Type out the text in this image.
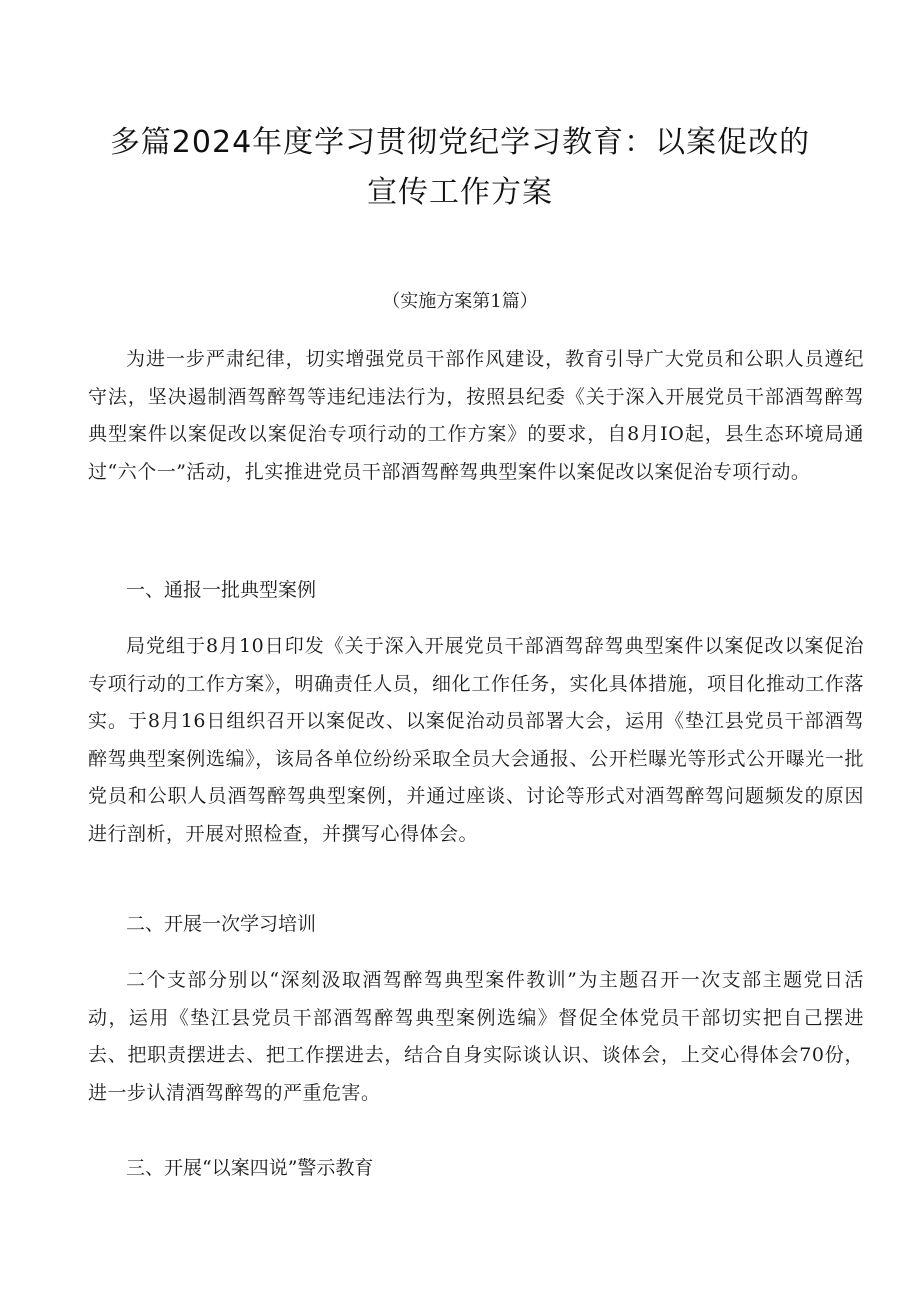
多篇2024年度学习贯彻党纪学习教育：以案促改的
宣传工作方案

（实施方案第1篇）

为进一步严肃纪律，切实增强党员干部作风建设，教育引导广大党员和公职人员遵纪守法，坚决遏制酒驾醉驾等违纪违法行为，按照县纪委《关于深入开展党员干部酒驾醉驾典型案件以案促改以案促治专项行动的工作方案》的要求，自8月IO起，县生态环境局通过“六个一”活动，扎实推进党员干部酒驾醉驾典型案件以案促改以案促治专项行动。

一、通报一批典型案例

局党组于8月10日印发《关于深入开展党员干部酒驾辞驾典型案件以案促改以案促治专项行动的工作方案》，明确责任人员，细化工作任务，实化具体措施，项目化推动工作落实。于8月16日组织召开以案促改、以案促治动员部署大会，运用《垫江县党员干部酒驾醉驾典型案例选编》，该局各单位纷纷采取全员大会通报、公开栏曝光等形式公开曝光一批党员和公职人员酒驾醉驾典型案例，并通过座谈、讨论等形式对酒驾醉驾问题频发的原因进行剖析，开展对照检查，并撰写心得体会。

二、开展一次学习培训

二个支部分别以“深刻汲取酒驾醉驾典型案件教训”为主题召开一次支部主题党日活动，运用《垫江县党员干部酒驾醉驾典型案例选编》督促全体党员干部切实把自己摆进去、把职责摆进去、把工作摆进去，结合自身实际谈认识、谈体会，上交心得体会70份，进一步认清酒驾醉驾的严重危害。

三、开展“以案四说”警示教育
